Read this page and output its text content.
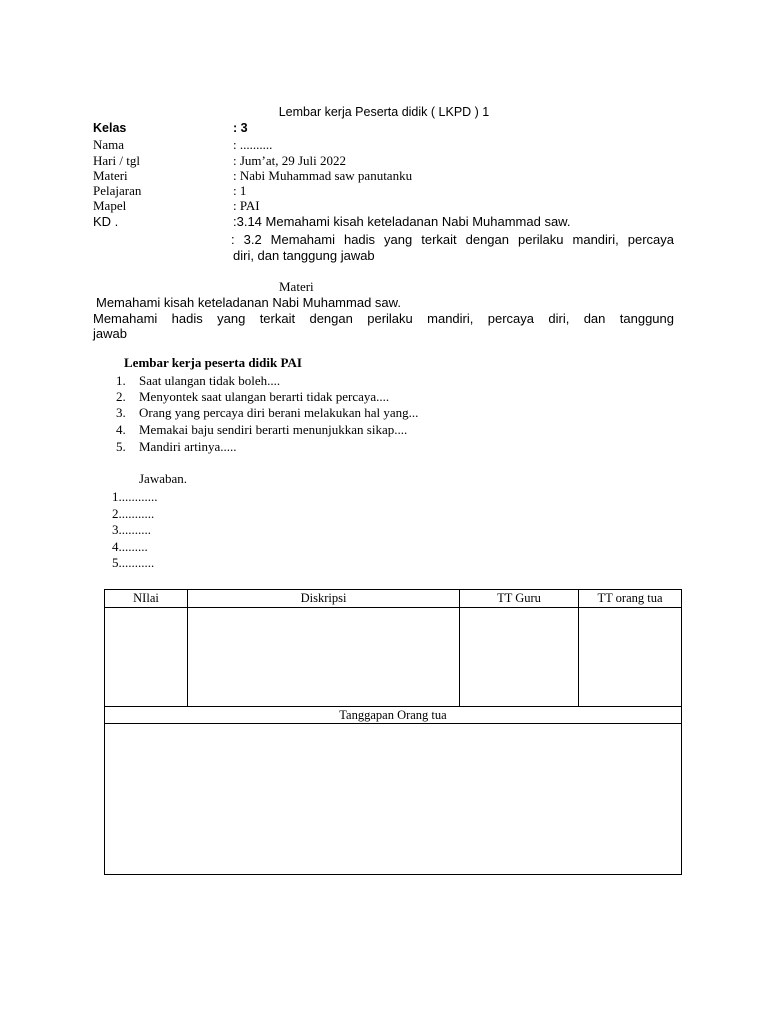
Lembar kerja Peserta didik ( LKPD ) 1
Kelas	: 3
Nama	: ..........
Hari / tgl	: Jum’at, 29 Juli 2022
Materi	: Nabi Muhammad saw panutanku
Pelajaran	: 1
Mapel	: PAI
KD .	:3.14 Memahami kisah keteladanan Nabi Muhammad saw.
: 3.2 Memahami hadis yang terkait dengan perilaku mandiri, percaya
diri, dan tanggung jawab
Materi
Memahami kisah keteladanan Nabi Muhammad saw.
Memahami hadis yang terkait dengan perilaku mandiri, percaya diri, dan tanggung
jawab
Lembar kerja peserta didik PAI
1. Saat ulangan tidak boleh....
2. Menyontek saat ulangan berarti tidak percaya....
3. Orang yang percaya diri berani melakukan hal yang...
4. Memakai baju sendiri berarti menunjukkan sikap....
5. Mandiri artinya.....
Jawaban.
1............
2...........
3..........
4.........
5...........
NIlai	Diskripsi	TT Guru	TT orang tua

Tanggapan Orang tua			
